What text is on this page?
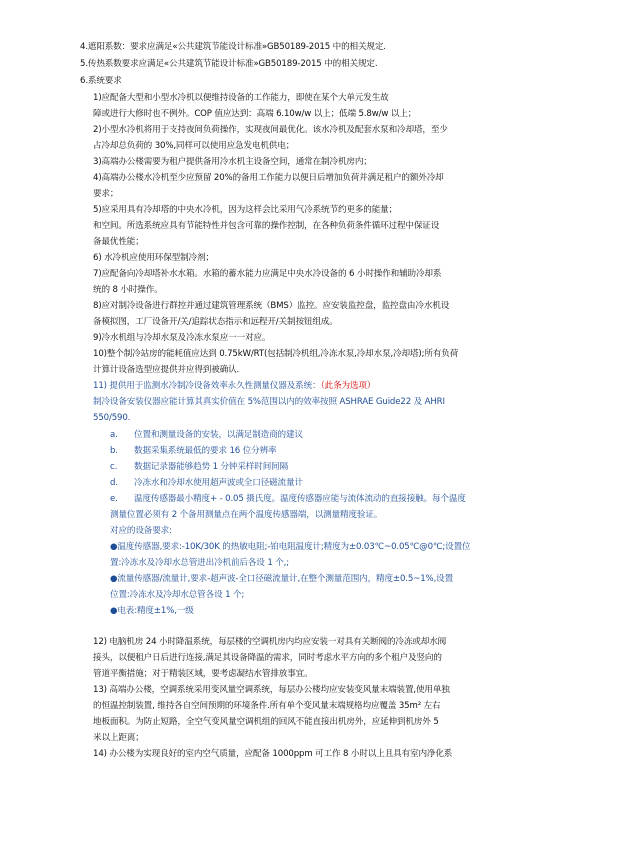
4.遮阳系数：要求应满足«公共建筑节能设计标准»GB50189-2015 中的相关规定.
5.传热系数要求应满足«公共建筑节能设计标准»GB50189-2015 中的相关规定.
6.系统要求
1)应配备大型和小型水冷机以便维持设备的工作能力，即使在某个大单元发生故
障或进行大修时也不例外。COP 值应达到：高端 6.10w/w 以上；低端 5.8w/w 以上；
2)小型水冷机将用于支持夜间负荷操作，实现夜间最优化。该水冷机及配套水泵和冷却塔，至少
占冷却总负荷的 30%,同样可以使用应急发电机供电；
3)高端办公楼需要为租户提供备用冷水机主设备空间，通常在制冷机房内；
4)高端办公楼水冷机至少应预留 20%的备用工作能力以便日后增加负荷并满足租户的额外冷却
要求；
5)应采用具有冷却塔的中央水冷机，因为这样会比采用气冷系统节约更多的能量；
和空间。所选系统应具有节能特性并包含可靠的操作控制，在各种负荷条件循环过程中保证设
备最优性能；
6) 水冷机应使用环保型制冷剂；
7)应配备向冷却塔补水水箱。水箱的蓄水能力应满足中央水冷设备的 6 小时操作和辅助冷却系
统的 8 小时操作。
8)应对制冷设备进行群控并通过建筑管理系统（BMS）监控。应安装监控盘，监控盘由冷水机设
备模拟图，工厂设备开/关/追踪状态指示和远程开/关制按钮组成。
9)冷水机组与冷却水泵及冷冻水泵应一一对应。
10)整个制冷站房的能耗值应达到 0.75kW/RT(包括制冷机组,冷冻水泵,冷却水泵,冷却塔);所有负荷
计算计设备选型应提供并应得到被确认.
11) 提供用于监测水冷制冷设备效率永久性测量仪器及系统：（此条为选项）
制冷设备安装仪器应能计算其真实价值在 5%范围以内的效率按照 ASHRAE Guide22 及 AHRI
550/590.
a. 位置和测量设备的安装，以满足制造商的建议
b. 数据采集系统最低的要求 16 位分辨率
c. 数据记录器能够趋势 1 分钟采样时间间隔
d. 冷冻水和冷却水使用超声波或全口径磁流量计
e. 温度传感器最小精度+ - 0.05 摄氏度。温度传感器应能与流体流动的直接接触。每个温度
测量位置必须有 2 个备用测量点在两个温度传感器端，以测量精度验证。
对应的设备要求:
●温度传感器,要求:-10K/30K 的热敏电阻;-铂电阻温度计;精度为±0.03℃~0.05℃@0℃;设置位
置:冷冻水及冷却水总管进出冷机前后各设 1 个,;
●流量传感器/流量计,要求-超声波-全口径磁流量计,在整个测量范围内，精度±0.5~1%,设置
位置:冷冻水及冷却水总管各设 1 个;
●电表:精度±1%,一级
12) 电脑机房 24 小时降温系统，每层楼的空调机房内均应安装一对具有关断阀的冷冻或却水阀
接头，以便租户日后进行连接,满足其设备降温的需求，同时考虑水平方向的多个租户及竖向的
管道平衡措施；对于精装区域，要考虑凝结水管排放事宜。
13) 高端办公楼，空调系统采用变风量空调系统，每层办公楼均应安装变风量末端装置,使用单独
的恒温控制装置, 维持各自空间预期的环境条件.所有单个变风量末端规格均应覆盖 35m² 左右
地板面积。为防止短路，全空气变风量空调机组的回风不能直接出机房外，应延伸到机房外 5
米以上距离；
14) 办公楼为实现良好的室内空气质量，应配备 1000ppm 可工作 8 小时以上且具有室内净化系
